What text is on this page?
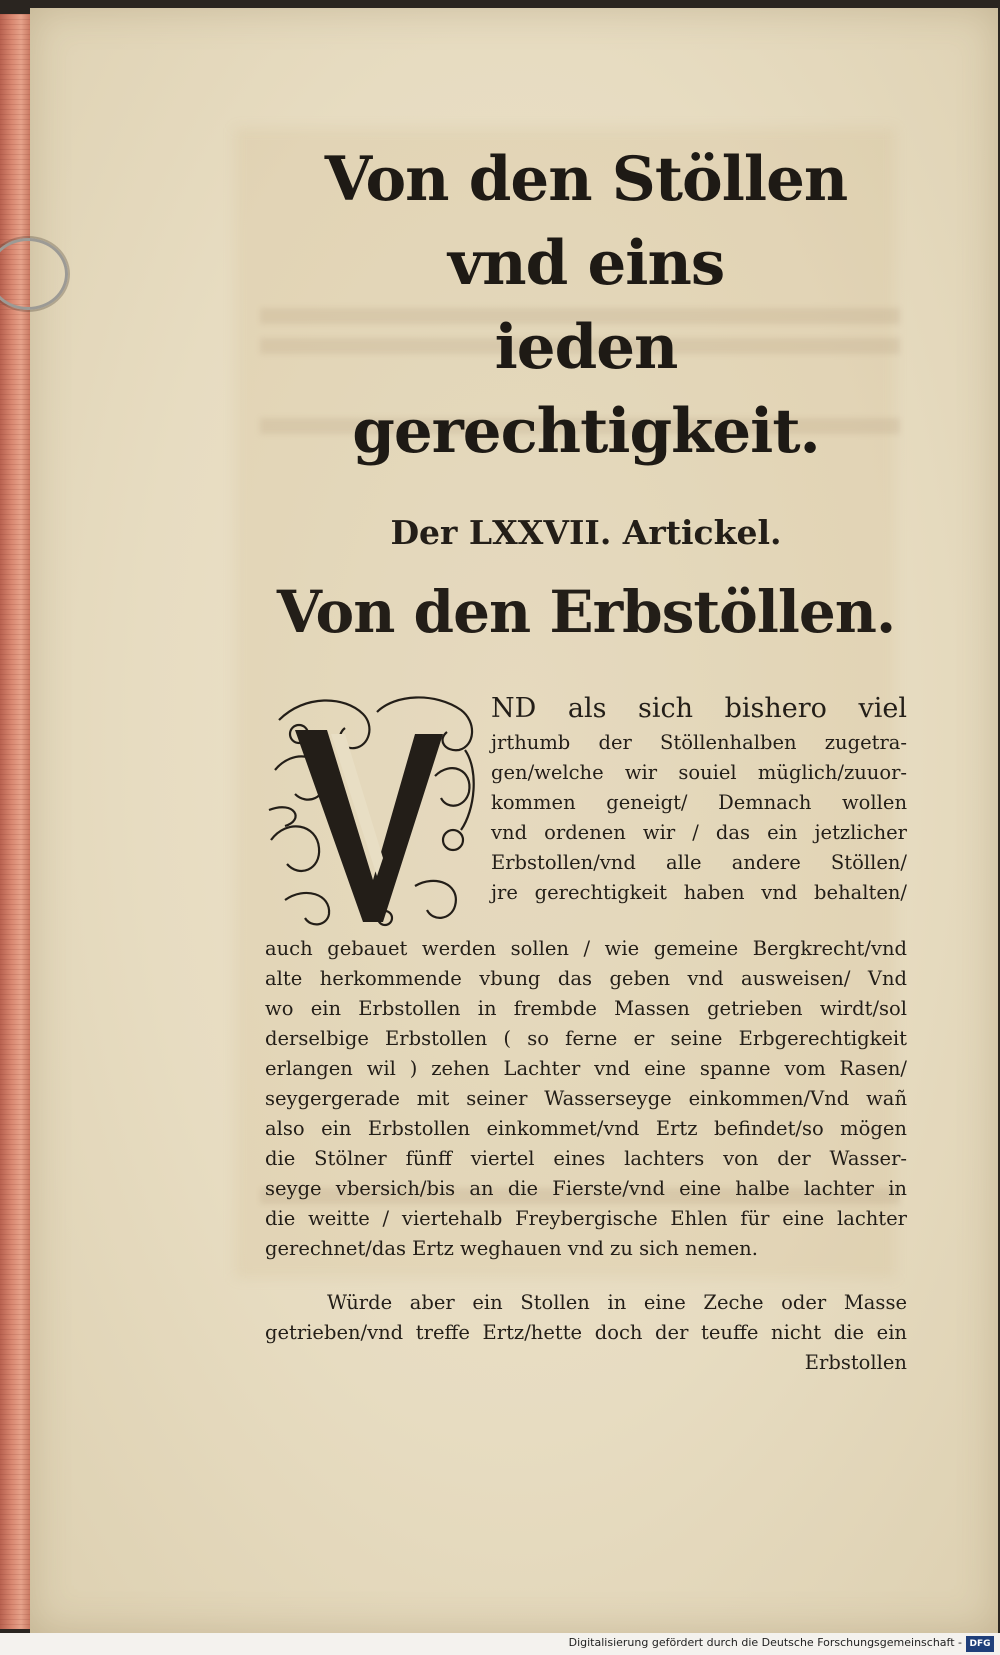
Von den Stöllen vnd eins
ieden gerechtigkeit.
Der LXXVII. Artickel.
Von den Erbstöllen.
ND als sich bishero viel
jrthumb der Stöllenhalben zugetra-
gen/welche wir souiel müglich/zuuor-
kommen geneigt/ Demnach wollen
vnd ordenen wir / das ein jetzlicher
Erbstollen/vnd alle andere Stöllen/
jre gerechtigkeit haben vnd behalten/
auch gebauet werden sollen / wie gemeine Bergkrecht/vnd
alte herkommende vbung das geben vnd ausweisen/ Vnd
wo ein Erbstollen in frembde Massen getrieben wirdt/sol
derselbige Erbstollen ( so ferne er seine Erbgerechtigkeit
erlangen wil ) zehen Lachter vnd eine spanne vom Rasen/
seygergerade mit seiner Wasserseyge einkommen/Vnd wañ
also ein Erbstollen einkommet/vnd Ertz befindet/so mögen
die Stölner fünff viertel eines lachters von der Wasser-
seyge vbersich/bis an die Fierste/vnd eine halbe lachter in
die weitte / viertehalb Freybergische Ehlen für eine lachter
gerechnet/das Ertz weghauen vnd zu sich nemen.
Würde aber ein Stollen in eine Zeche oder Masse
getrieben/vnd treffe Ertz/hette doch der teuffe nicht die ein
Erbstollen
Digitalisierung gefördert durch die Deutsche Forschungsgemeinschaft - DFG
